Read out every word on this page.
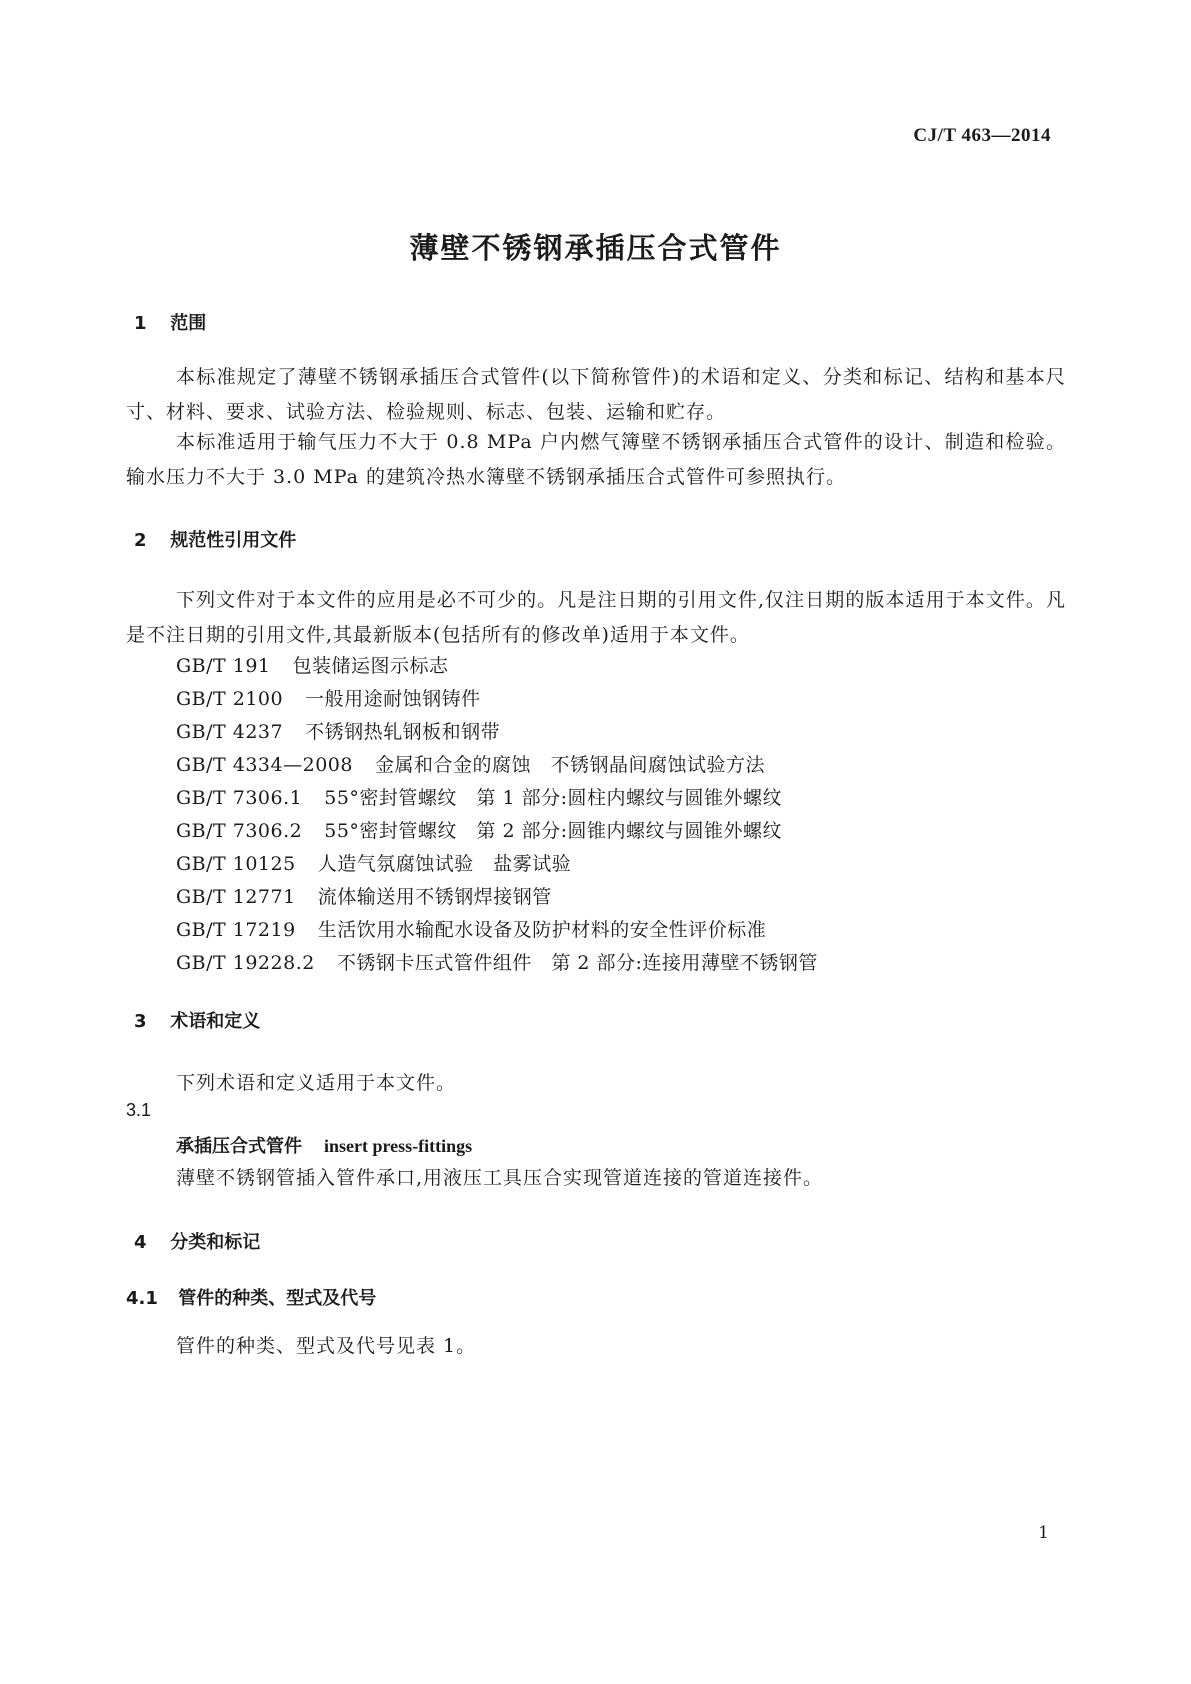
CJ/T 463—2014
薄壁不锈钢承插压合式管件
1 范围
本标准规定了薄壁不锈钢承插压合式管件(以下简称管件)的术语和定义、分类和标记、结构和基本尺寸、材料、要求、试验方法、检验规则、标志、包装、运输和贮存。
本标准适用于输气压力不大于 0.8 MPa 户内燃气簿壁不锈钢承插压合式管件的设计、制造和检验。输水压力不大于 3.0 MPa 的建筑冷热水簿壁不锈钢承插压合式管件可参照执行。
2 规范性引用文件
下列文件对于本文件的应用是必不可少的。凡是注日期的引用文件,仅注日期的版本适用于本文件。凡是不注日期的引用文件,其最新版本(包括所有的修改单)适用于本文件。
GB/T 191 包装储运图示标志
GB/T 2100 一般用途耐蚀钢铸件
GB/T 4237 不锈钢热轧钢板和钢带
GB/T 4334—2008 金属和合金的腐蚀　不锈钢晶间腐蚀试验方法
GB/T 7306.1 55°密封管螺纹　第 1 部分:圆柱内螺纹与圆锥外螺纹
GB/T 7306.2 55°密封管螺纹　第 2 部分:圆锥内螺纹与圆锥外螺纹
GB/T 10125 人造气氛腐蚀试验　盐雾试验
GB/T 12771 流体输送用不锈钢焊接钢管
GB/T 17219 生活饮用水输配水设备及防护材料的安全性评价标准
GB/T 19228.2 不锈钢卡压式管件组件　第 2 部分:连接用薄壁不锈钢管
3 术语和定义
下列术语和定义适用于本文件。
3.1
承插压合式管件 insert press-fittings
薄壁不锈钢管插入管件承口,用液压工具压合实现管道连接的管道连接件。
4 分类和标记
4.1 管件的种类、型式及代号
管件的种类、型式及代号见表 1。
1
